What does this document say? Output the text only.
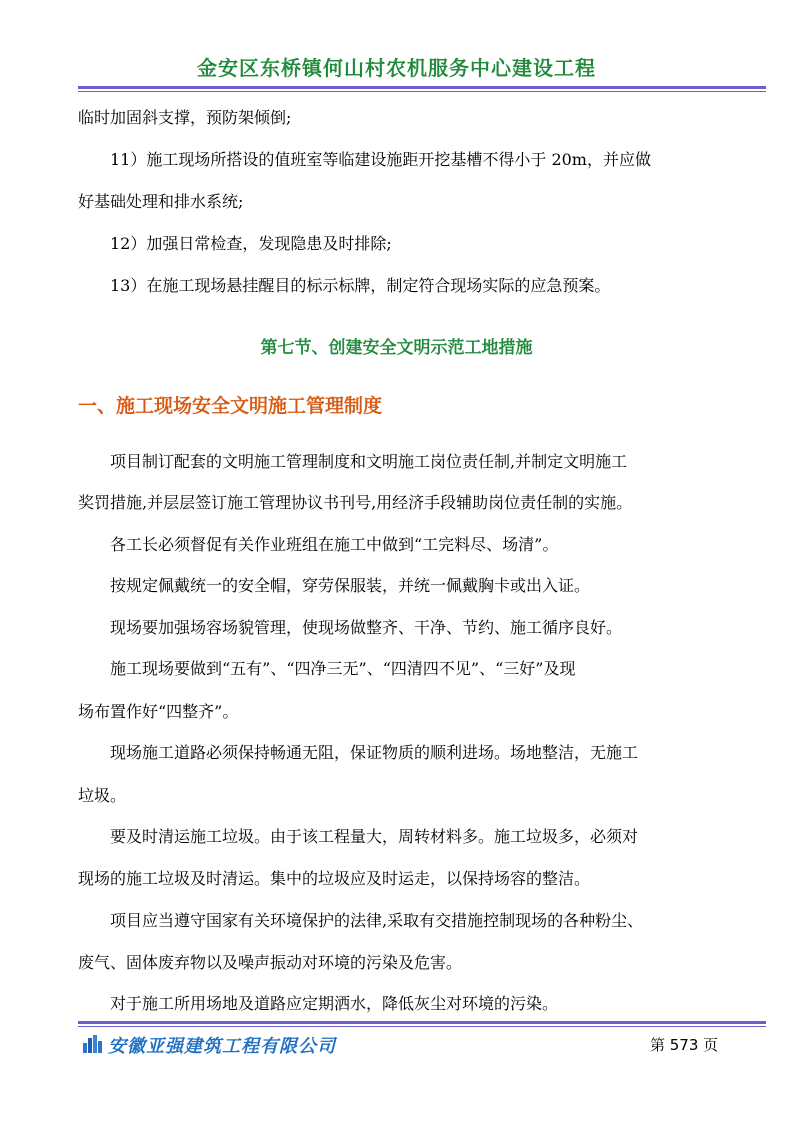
金安区东桥镇何山村农机服务中心建设工程
临时加固斜支撑，预防架倾倒;
11）施工现场所搭设的值班室等临建设施距开挖基槽不得小于 20m，并应做
好基础处理和排水系统;
12）加强日常检查，发现隐患及时排除;
13）在施工现场悬挂醒目的标示标牌，制定符合现场实际的应急预案。
第七节、创建安全文明示范工地措施
一、施工现场安全文明施工管理制度
项目制订配套的文明施工管理制度和文明施工岗位责任制,并制定文明施工
奖罚措施,并层层签订施工管理协议书刊号,用经济手段辅助岗位责任制的实施。
各工长必须督促有关作业班组在施工中做到“工完料尽、场清”。
按规定佩戴统一的安全帽，穿劳保服装，并统一佩戴胸卡或出入证。
现场要加强场容场貌管理，使现场做整齐、干净、节约、施工循序良好。
施工现场要做到“五有”、“四净三无”、“四清四不见”、“三好”及现
场布置作好“四整齐”。
现场施工道路必须保持畅通无阻，保证物质的顺利进场。场地整洁，无施工
垃圾。
要及时清运施工垃圾。由于该工程量大，周转材料多。施工垃圾多，必须对
现场的施工垃圾及时清运。集中的垃圾应及时运走，以保持场容的整洁。
项目应当遵守国家有关环境保护的法律,采取有交措施控制现场的各种粉尘、
废气、固体废弃物以及噪声振动对环境的污染及危害。
对于施工所用场地及道路应定期洒水，降低灰尘对环境的污染。
安徽亚强建筑工程有限公司	第 573 页
